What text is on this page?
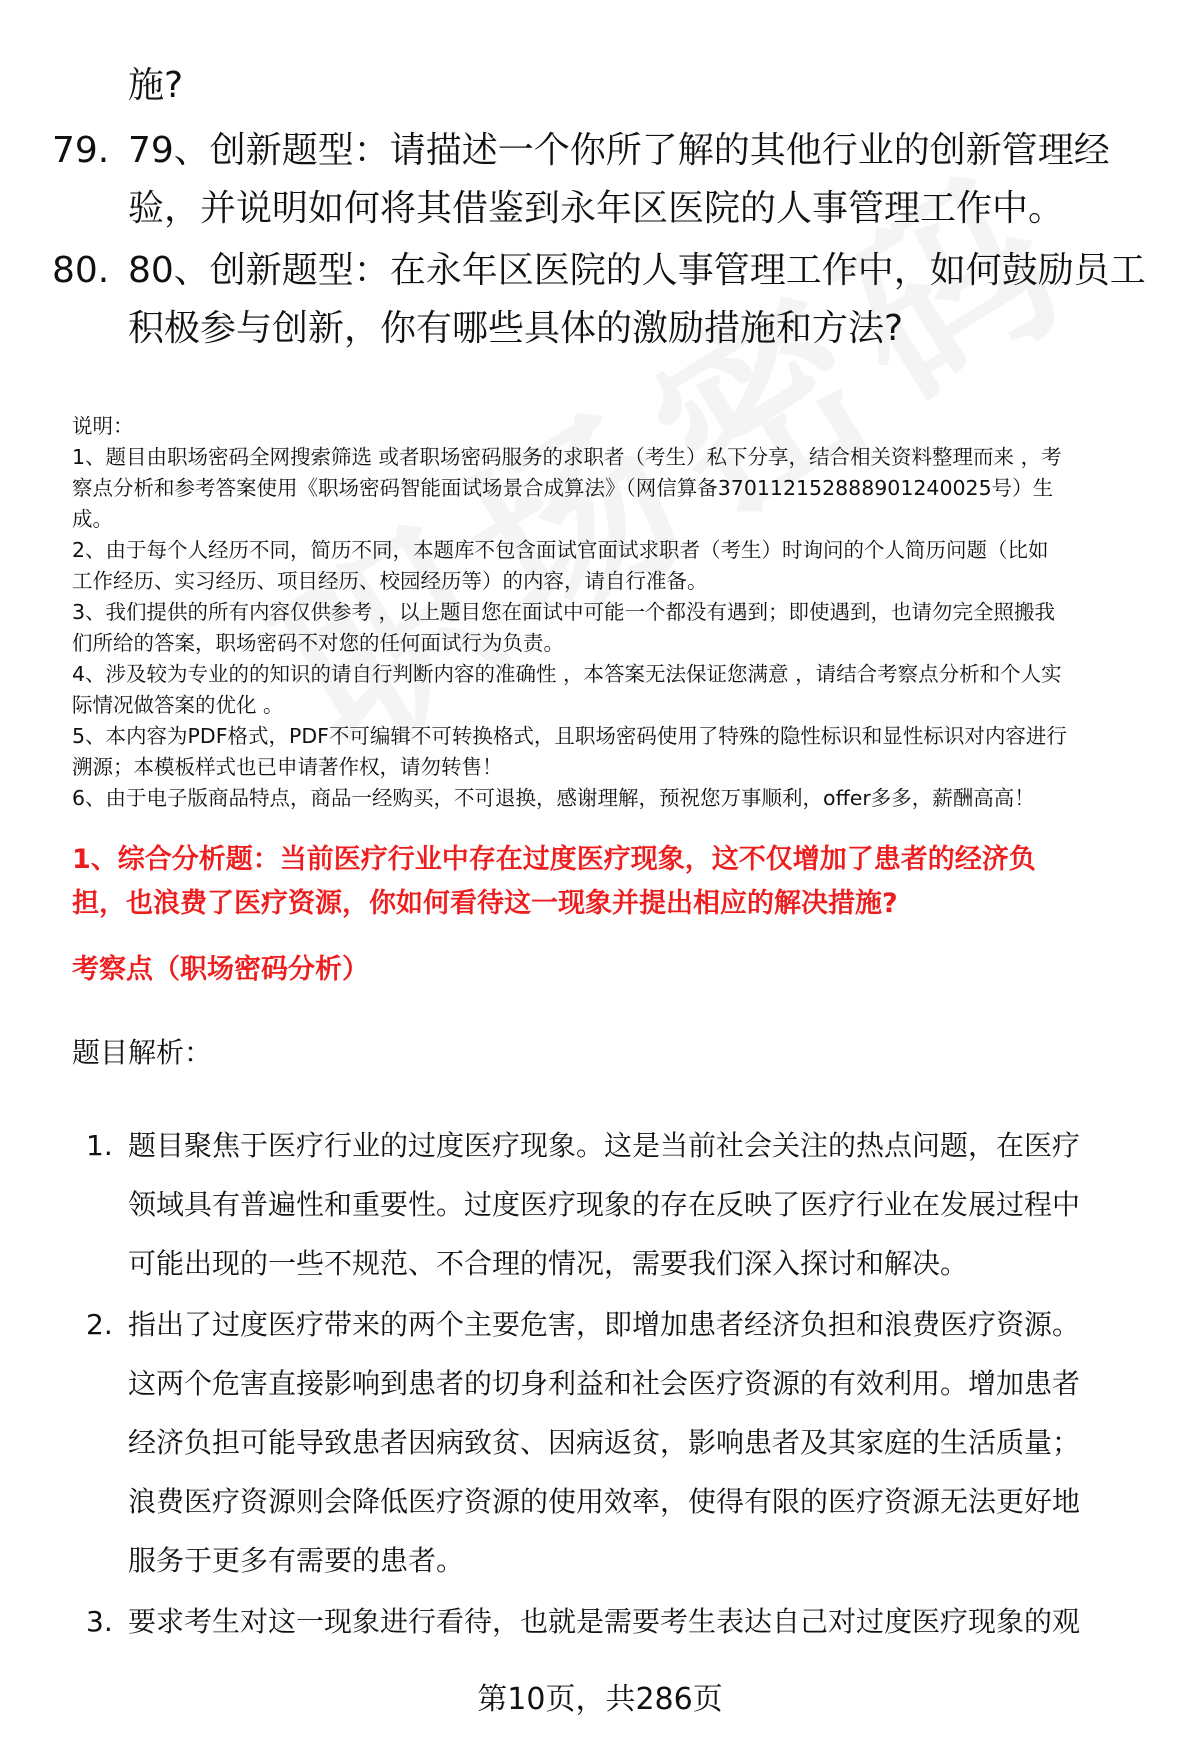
施?
79. 79、创新题型：请描述一个你所了解的其他行业的创新管理经
验，并说明如何将其借鉴到永年区医院的人事管理工作中。
80. 80、创新题型：在永年区医院的人事管理工作中，如何鼓励员工
积极参与创新，你有哪些具体的激励措施和方法?

说明：

1、题目由职场密码全网搜索筛选 或者职场密码服务的求职者（考生）私下分享，结合相关资料整理而来 ，考

察点分析和参考答案使用《职场密码智能面试场景合成算法》（网信算备370112152888901240025号）生

成。

2、由于每个人经历不同，简历不同，本题库不包含面试官面试求职者（考生）时询问的个人简历问题（比如

工作经历、实习经历、项目经历、校园经历等）的内容，请自行准备。

3、我们提供的所有内容仅供参考 ，以上题目您在面试中可能一个都没有遇到；即使遇到，也请勿完全照搬我

们所给的答案，职场密码不对您的任何面试行为负责。

4、涉及较为专业的的知识的请自行判断内容的准确性 ，本答案无法保证您满意 ，请结合考察点分析和个人实

际情况做答案的优化 。

5、本内容为PDF格式，PDF不可编辑不可转换格式，且职场密码使用了特殊的隐性标识和显性标识对内容进行

溯源；本模板样式也已申请著作权，请勿转售！

6、由于电子版商品特点，商品一经购买，不可退换，感谢理解，预祝您万事顺利，offer多多，薪酬高高！

1、综合分析题：当前医疗行业中存在过度医疗现象，这不仅增加了患者的经济负
担，也浪费了医疗资源，你如何看待这一现象并提出相应的解决措施?
考察点（职场密码分析）
题目解析：
1. 题目聚焦于医疗行业的过度医疗现象。这是当前社会关注的热点问题，在医疗
领域具有普遍性和重要性。过度医疗现象的存在反映了医疗行业在发展过程中
可能出现的一些不规范、不合理的情况，需要我们深入探讨和解决。
2. 指出了过度医疗带来的两个主要危害，即增加患者经济负担和浪费医疗资源。
这两个危害直接影响到患者的切身利益和社会医疗资源的有效利用。增加患者
经济负担可能导致患者因病致贫、因病返贫，影响患者及其家庭的生活质量；
浪费医疗资源则会降低医疗资源的使用效率，使得有限的医疗资源无法更好地
服务于更多有需要的患者。
3. 要求考生对这一现象进行看待，也就是需要考生表达自己对过度医疗现象的观
第10页，共286页
